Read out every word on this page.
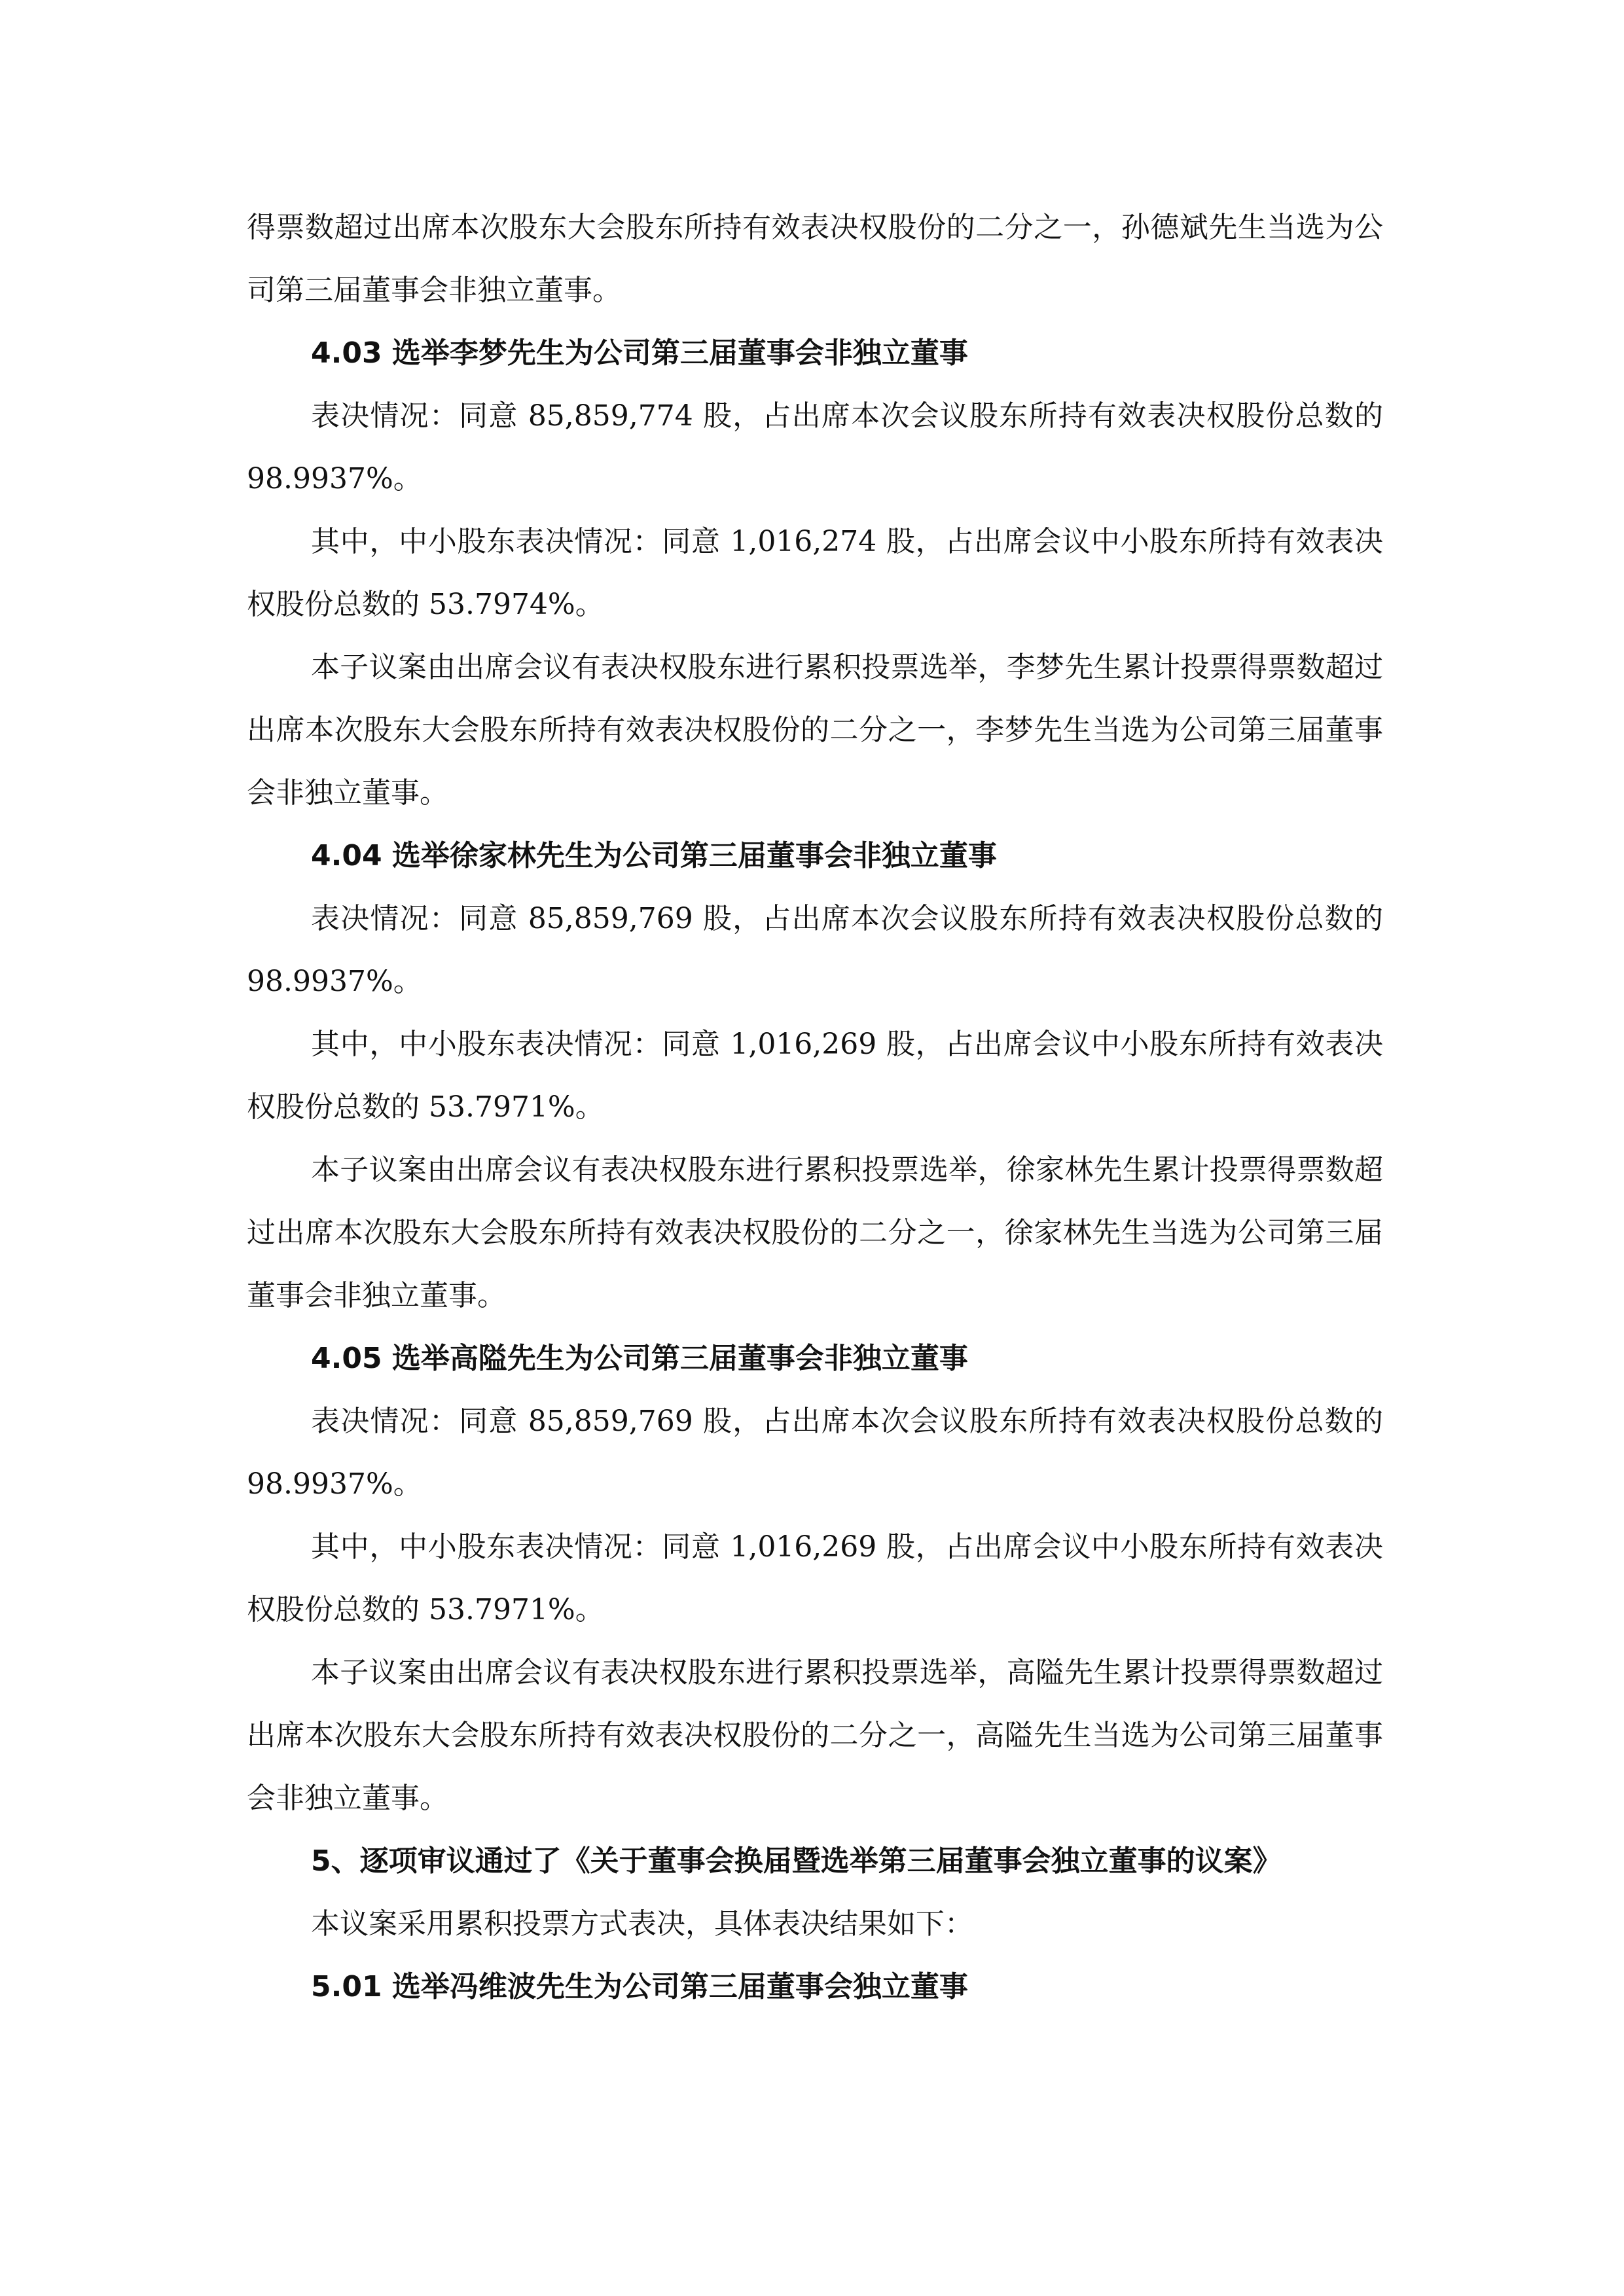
得票数超过出席本次股东大会股东所持有效表决权股份的二分之一，孙德斌先生当选为公司第三届董事会非独立董事。

4.03 选举李梦先生为公司第三届董事会非独立董事

表决情况：同意 85,859,774 股，占出席本次会议股东所持有效表决权股份总数的 98.9937%。

其中，中小股东表决情况：同意 1,016,274 股，占出席会议中小股东所持有效表决权股份总数的 53.7974%。

本子议案由出席会议有表决权股东进行累积投票选举，李梦先生累计投票得票数超过出席本次股东大会股东所持有效表决权股份的二分之一，李梦先生当选为公司第三届董事会非独立董事。

4.04 选举徐家林先生为公司第三届董事会非独立董事

表决情况：同意 85,859,769 股，占出席本次会议股东所持有效表决权股份总数的 98.9937%。

其中，中小股东表决情况：同意 1,016,269 股，占出席会议中小股东所持有效表决权股份总数的 53.7971%。

本子议案由出席会议有表决权股东进行累积投票选举，徐家林先生累计投票得票数超过出席本次股东大会股东所持有效表决权股份的二分之一，徐家林先生当选为公司第三届董事会非独立董事。

4.05 选举高隘先生为公司第三届董事会非独立董事

表决情况：同意 85,859,769 股，占出席本次会议股东所持有效表决权股份总数的 98.9937%。

其中，中小股东表决情况：同意 1,016,269 股，占出席会议中小股东所持有效表决权股份总数的 53.7971%。

本子议案由出席会议有表决权股东进行累积投票选举，高隘先生累计投票得票数超过出席本次股东大会股东所持有效表决权股份的二分之一，高隘先生当选为公司第三届董事会非独立董事。

5、逐项审议通过了《关于董事会换届暨选举第三届董事会独立董事的议案》

本议案采用累积投票方式表决，具体表决结果如下：

5.01 选举冯维波先生为公司第三届董事会独立董事
